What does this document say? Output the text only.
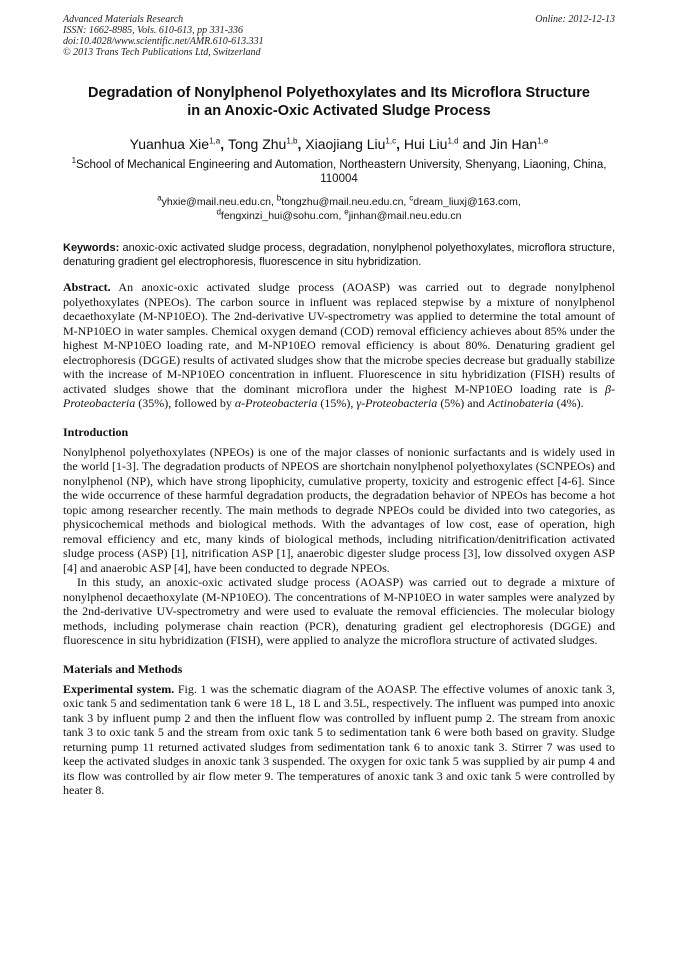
Advanced Materials Research
ISSN: 1662-8985, Vols. 610-613, pp 331-336
doi:10.4028/www.scientific.net/AMR.610-613.331
© 2013 Trans Tech Publications Ltd, Switzerland
Online: 2012-12-13
Degradation of Nonylphenol Polyethoxylates and Its Microflora Structure
in an Anoxic-Oxic Activated Sludge Process
Yuanhua Xie$^{1,a}$, Tong Zhu$^{1,b}$, Xiaojiang Liu$^{1,c}$, Hui Liu$^{1,d}$ and Jin Han$^{1,e}$
$^1$School of Mechanical Engineering and Automation, Northeastern University, Shenyang, Liaoning, China, 110004
$^a$yhxie@mail.neu.edu.cn, $^b$tongzhu@mail.neu.edu.cn, $^c$dream_liuxj@163.com,
$^d$fengxinzi_hui@sohu.com, $^e$jinhan@mail.neu.edu.cn

Keywords: anoxic-oxic activated sludge process, degradation, nonylphenol polyethoxylates, microflora structure, denaturing gradient gel electrophoresis, fluorescence in situ hybridization.

Abstract. An anoxic-oxic activated sludge process (AOASP) was carried out to degrade nonylphenol polyethoxylates (NPEOs). The carbon source in influent was replaced stepwise by a mixture of nonylphenol decaethoxylate (M-NP10EO). The 2nd-derivative UV-spectrometry was applied to determine the total amount of M-NP10EO in water samples. Chemical oxygen demand (COD) removal efficiency achieves about 85% under the highest M-NP10EO loading rate, and M-NP10EO removal efficiency is about 80%. Denaturing gradient gel electrophoresis (DGGE) results of activated sludges show that the microbe species decrease but gradually stabilize with the increase of M-NP10EO concentration in influent. Fluorescence in situ hybridization (FISH) results of activated sludges showe that the dominant microflora under the highest M-NP10EO loading rate is β-Proteobacteria (35%), followed by α-Proteobacteria (15%), γ-Proteobacteria (5%) and Actinobateria (4%).

Introduction

Nonylphenol polyethoxylates (NPEOs) is one of the major classes of nonionic surfactants and is widely used in the world [1-3]. The degradation products of NPEOS are shortchain nonylphenol polyethoxylates (SCNPEOs) and nonylphenol (NP), which have strong lipophicity, cumulative property, toxicity and estrogenic effect [4-6]. Since the wide occurrence of these harmful degradation products, the degradation behavior of NPEOs has become a hot topic among researcher recently. The main methods to degrade NPEOs could be divided into two categories, as physicochemical methods and biological methods. With the advantages of low cost, ease of operation, high removal efficiency and etc, many kinds of biological methods, including nitrification/denitrification activated sludge process (ASP) [1], nitrification ASP [1], anaerobic digester sludge process [3], low dissolved oxygen ASP [4] and anaerobic ASP [4], have been conducted to degrade NPEOs.

In this study, an anoxic-oxic activated sludge process (AOASP) was carried out to degrade a mixture of nonylphenol decaethoxylate (M-NP10EO). The concentrations of M-NP10EO in water samples were analyzed by the 2nd-derivative UV-spectrometry and were used to evaluate the removal efficiencies. The molecular biology methods, including polymerase chain reaction (PCR), denaturing gradient gel electrophoresis (DGGE) and fluorescence in situ hybridization (FISH), were applied to analyze the microflora structure of activated sludges.

Materials and Methods

Experimental system. Fig. 1 was the schematic diagram of the AOASP. The effective volumes of anoxic tank 3, oxic tank 5 and sedimentation tank 6 were 18 L, 18 L and 3.5L, respectively. The influent was pumped into anoxic tank 3 by influent pump 2 and then the influent flow was controlled by influent pump 2. The stream from anoxic tank 3 to oxic tank 5 and the stream from oxic tank 5 to sedimentation tank 6 were both based on gravity. Sludge returning pump 11 returned activated sludges from sedimentation tank 6 to anoxic tank 3. Stirrer 7 was used to keep the activated sludges in anoxic tank 3 suspended. The oxygen for oxic tank 5 was supplied by air pump 4 and its flow was controlled by air flow meter 9. The temperatures of anoxic tank 3 and oxic tank 5 were controlled by heater 8.
